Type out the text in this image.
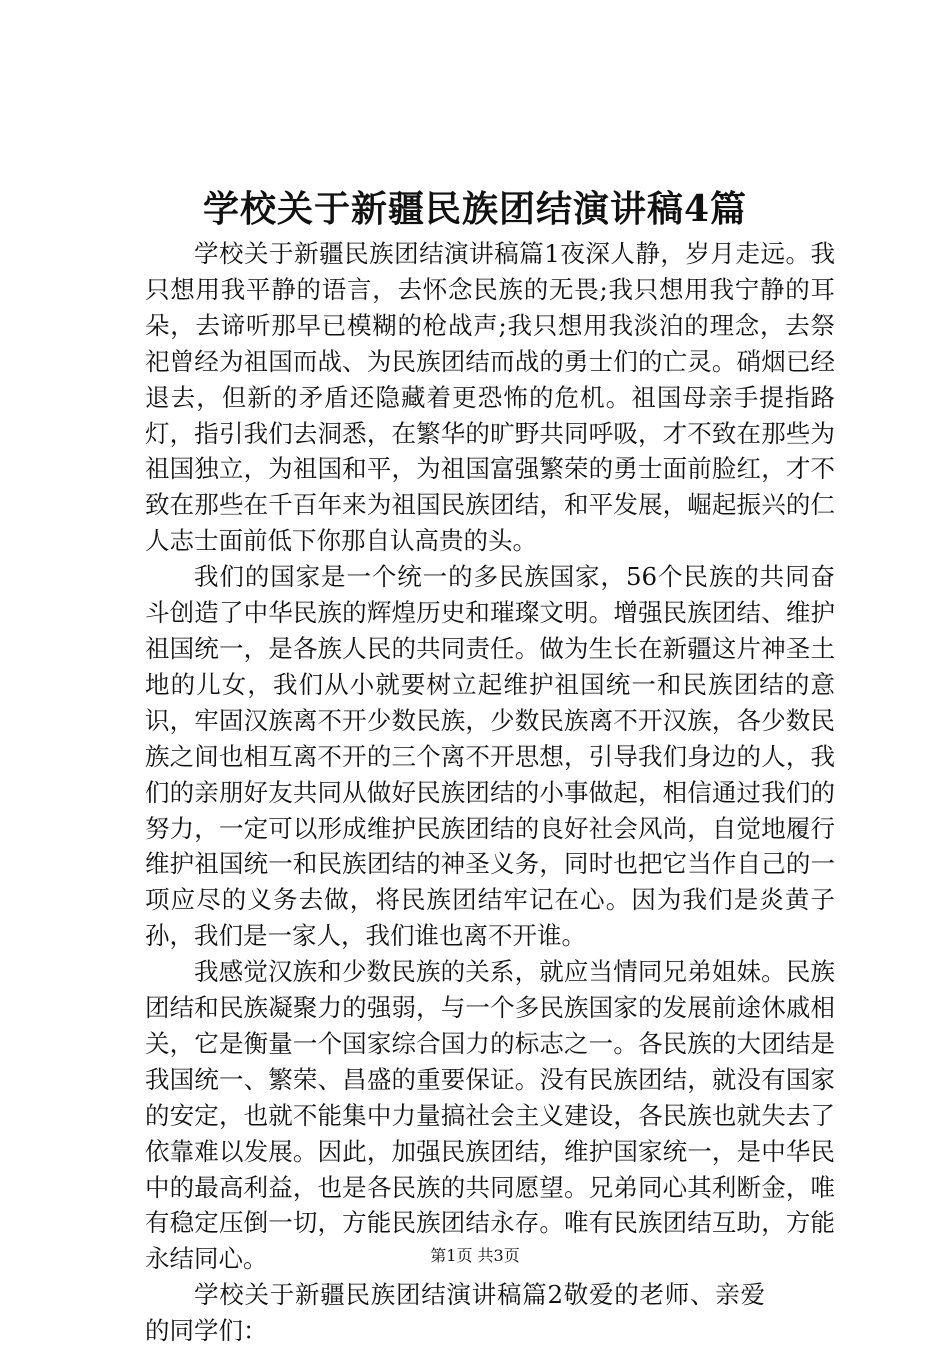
学校关于新疆民族团结演讲稿4篇

学校关于新疆民族团结演讲稿篇1夜深人静，岁月走远。我只想用我平静的语言，去怀念民族的无畏;我只想用我宁静的耳朵，去谛听那早已模糊的枪战声;我只想用我淡泊的理念，去祭祀曾经为祖国而战、为民族团结而战的勇士们的亡灵。硝烟已经退去，但新的矛盾还隐藏着更恐怖的危机。祖国母亲手提指路灯，指引我们去洞悉，在繁华的旷野共同呼吸，才不致在那些为祖国独立，为祖国和平，为祖国富强繁荣的勇士面前脸红，才不致在那些在千百年来为祖国民族团结，和平发展，崛起振兴的仁人志士面前低下你那自认高贵的头。

我们的国家是一个统一的多民族国家，56个民族的共同奋斗创造了中华民族的辉煌历史和璀璨文明。增强民族团结、维护祖国统一，是各族人民的共同责任。做为生长在新疆这片神圣土地的儿女，我们从小就要树立起维护祖国统一和民族团结的意识，牢固汉族离不开少数民族，少数民族离不开汉族，各少数民族之间也相互离不开的三个离不开思想，引导我们身边的人，我们的亲朋好友共同从做好民族团结的小事做起，相信通过我们的努力，一定可以形成维护民族团结的良好社会风尚，自觉地履行维护祖国统一和民族团结的神圣义务，同时也把它当作自己的一项应尽的义务去做，将民族团结牢记在心。因为我们是炎黄子孙，我们是一家人，我们谁也离不开谁。

我感觉汉族和少数民族的关系，就应当情同兄弟姐妹。民族团结和民族凝聚力的强弱，与一个多民族国家的发展前途休戚相关，它是衡量一个国家综合国力的标志之一。各民族的大团结是我国统一、繁荣、昌盛的重要保证。没有民族团结，就没有国家的安定，也就不能集中力量搞社会主义建设，各民族也就失去了依靠难以发展。因此，加强民族团结，维护国家统一，是中华民中的最高利益，也是各民族的共同愿望。兄弟同心其利断金，唯有稳定压倒一切，方能民族团结永存。唯有民族团结互助，方能永结同心。

学校关于新疆民族团结演讲稿篇2敬爱的老师、亲爱的同学们：

第1页 共3页
